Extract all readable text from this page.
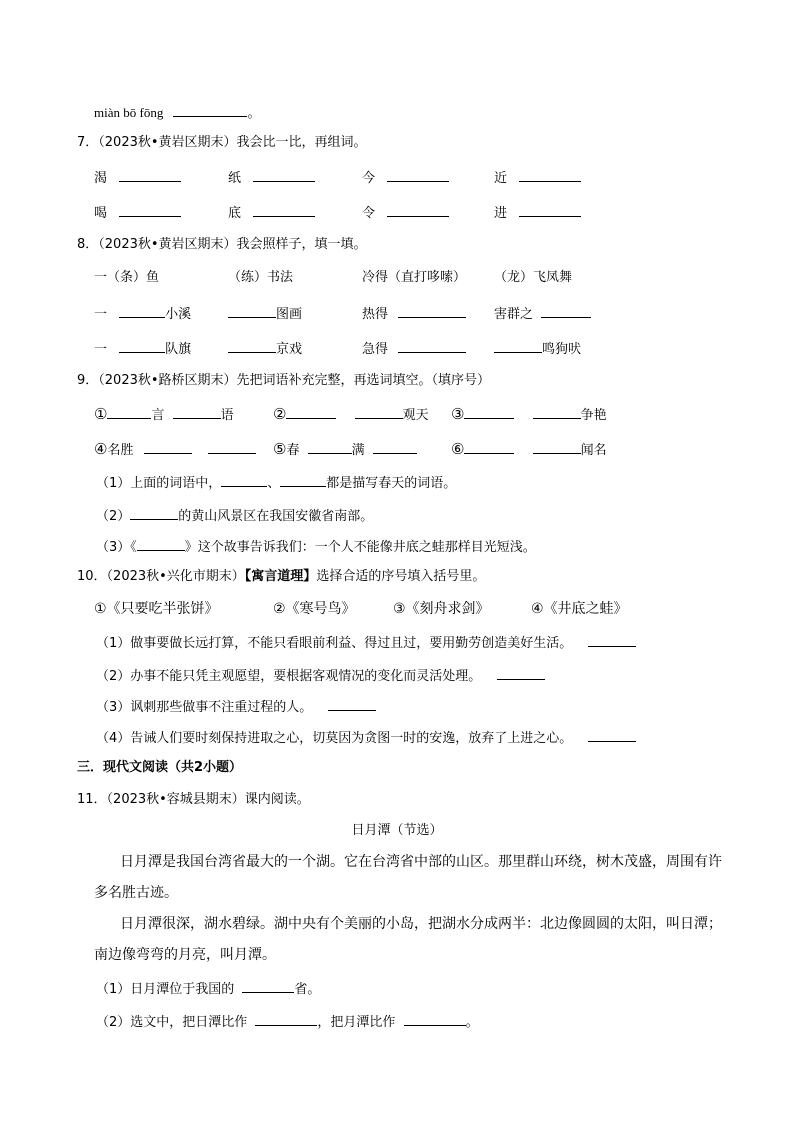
miàn bō fōng	。
7．（2023秋•黄岩区期末）我会比一比，再组词。
渴	纸	今	近
喝	底	令	进
8．（2023秋•黄岩区期末）我会照样子，填一填。
一（条）鱼	（练）书法	冷得（直打哆嗦） （龙）飞凤舞
一	小溪	图画	热得	害群之
一	队旗	京戏	急得	鸣狗吠
9．（2023秋•路桥区期末）先把词语补充完整，再选词填空。（填序号）
①	言	语	②	观天 ③	争艳
④名胜	⑤春	满	⑥	闻名
（1）上面的词语中，	、	都是描写春天的词语。
（2）	的黄山风景区在我国安徽省南部。
（3）《	》这个故事告诉我们：一个人不能像井底之蛙那样目光短浅。
10．（2023秋•兴化市期末）【寓言道理】选择合适的序号填入括号里。
①《只要吃半张饼》	②《寒号鸟》	③《刻舟求剑》	④《井底之蛙》
（1）做事要做长远打算，不能只看眼前利益、得过且过，要用勤劳创造美好生活。
（2）办事不能只凭主观愿望，要根据客观情况的变化而灵活处理。
（3）讽刺那些做事不注重过程的人。
（4）告诫人们要时刻保持进取之心，切莫因为贪图一时的安逸，放弃了上进之心。
三．现代文阅读（共2小题）
11．（2023秋•容城县期末）课内阅读。
日月潭（节选）
日月潭是我国台湾省最大的一个湖。它在台湾省中部的山区。那里群山环绕，树木茂盛，周围有许
多名胜古迹。
日月潭很深，湖水碧绿。湖中央有个美丽的小岛，把湖水分成两半：北边像圆圆的太阳，叫日潭；
南边像弯弯的月亮，叫月潭。
（1）日月潭位于我国的	省。
（2）选文中，把日潭比作	，把月潭比作	。
